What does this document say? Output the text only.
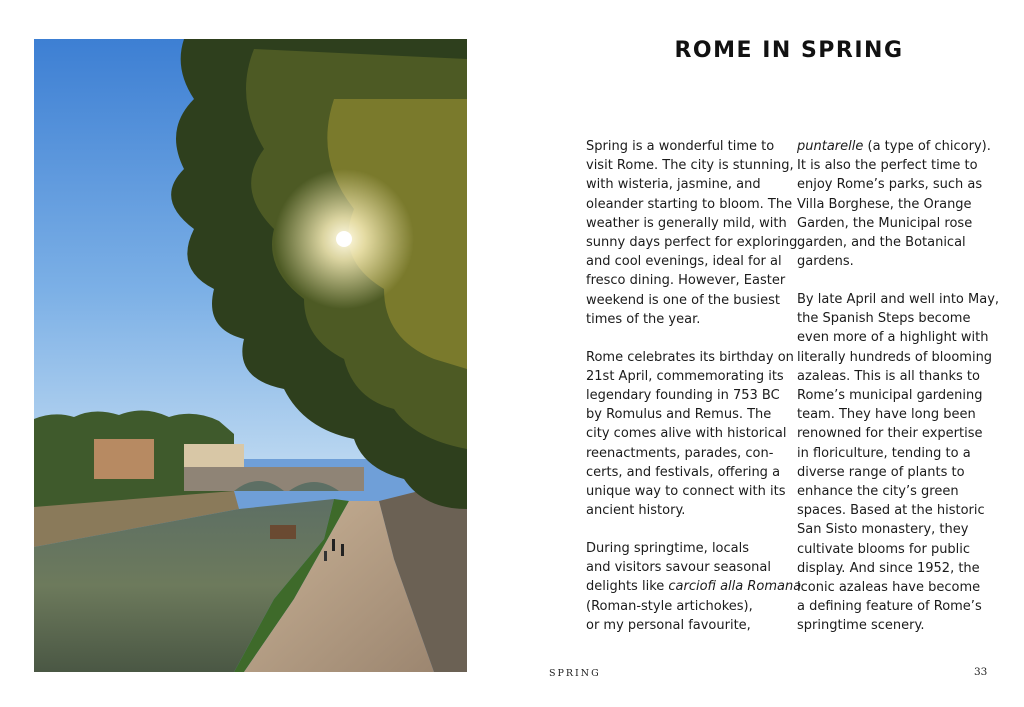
ROME IN SPRING

Spring is a wonderful time to
visit Rome. The city is stunning,
with wisteria, jasmine, and
oleander starting to bloom. The
weather is generally mild, with
sunny days perfect for exploring
and cool evenings, ideal for al
fresco dining. However, Easter
weekend is one of the busiest
times of the year.

Rome celebrates its birthday on
21st April, commemorating its
legendary founding in 753 BC
by Romulus and Remus. The
city comes alive with historical
reenactments, parades, con-
certs, and festivals, offering a
unique way to connect with its
ancient history.

During springtime, locals
and visitors savour seasonal
delights like carciofi alla Romana
(Roman-style artichokes),
or my personal favourite,

puntarelle (a type of chicory).
It is also the perfect time to
enjoy Rome’s parks, such as
Villa Borghese, the Orange
Garden, the Municipal rose
garden, and the Botanical
gardens.

By late April and well into May,
the Spanish Steps become
even more of a highlight with
literally hundreds of blooming
azaleas. This is all thanks to
Rome’s municipal gardening
team. They have long been
renowned for their expertise
in floriculture, tending to a
diverse range of plants to
enhance the city’s green
spaces. Based at the historic
San Sisto monastery, they
cultivate blooms for public
display. And since 1952, the
iconic azaleas have become
a defining feature of Rome’s
springtime scenery.

SPRING	33
